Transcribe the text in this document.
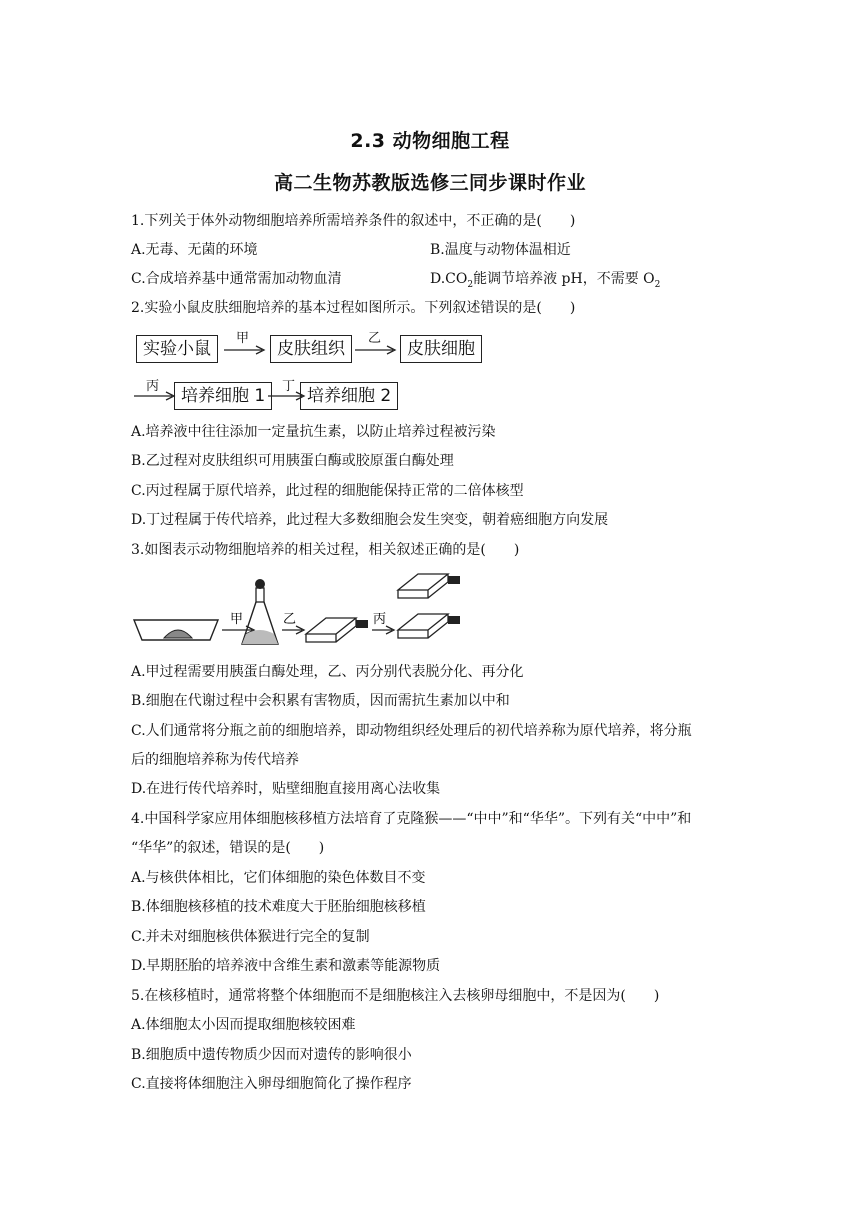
2.3 动物细胞工程
高二生物苏教版选修三同步课时作业
1.下列关于体外动物细胞培养所需培养条件的叙述中，不正确的是(　　)
A.无毒、无菌的环境	B.温度与动物体温相近
C.合成培养基中通常需加动物血清	$D.CO_2$能调节培养液 pH，不需要 $O_2$
2.实验小鼠皮肤细胞培养的基本过程如图所示。下列叙述错误的是(　　)
实验小鼠
甲
皮肤组织
乙
皮肤细胞
丙	培养细胞 1	丁 培养细胞 2
A.培养液中往往添加一定量抗生素，以防止培养过程被污染
B.乙过程对皮肤组织可用胰蛋白酶或胶原蛋白酶处理
C.丙过程属于原代培养，此过程的细胞能保持正常的二倍体核型
D.丁过程属于传代培养，此过程大多数细胞会发生突变，朝着癌细胞方向发展
3.如图表示动物细胞培养的相关过程，相关叙述正确的是(　　)
甲	乙	丙
A.甲过程需要用胰蛋白酶处理，乙、丙分别代表脱分化、再分化
B.细胞在代谢过程中会积累有害物质，因而需抗生素加以中和
C.人们通常将分瓶之前的细胞培养，即动物组织经处理后的初代培养称为原代培养，将分瓶
后的细胞培养称为传代培养
D.在进行传代培养时，贴壁细胞直接用离心法收集
4.中国科学家应用体细胞核移植方法培育了克隆猴——“中中”和“华华”。下列有关“中中”和
“华华”的叙述，错误的是(　　)
A.与核供体相比，它们体细胞的染色体数目不变
B.体细胞核移植的技术难度大于胚胎细胞核移植
C.并未对细胞核供体猴进行完全的复制
D.早期胚胎的培养液中含维生素和激素等能源物质
5.在核移植时，通常将整个体细胞而不是细胞核注入去核卵母细胞中，不是因为(　　)
A.体细胞太小因而提取细胞核较困难
B.细胞质中遗传物质少因而对遗传的影响很小
C.直接将体细胞注入卵母细胞简化了操作程序
